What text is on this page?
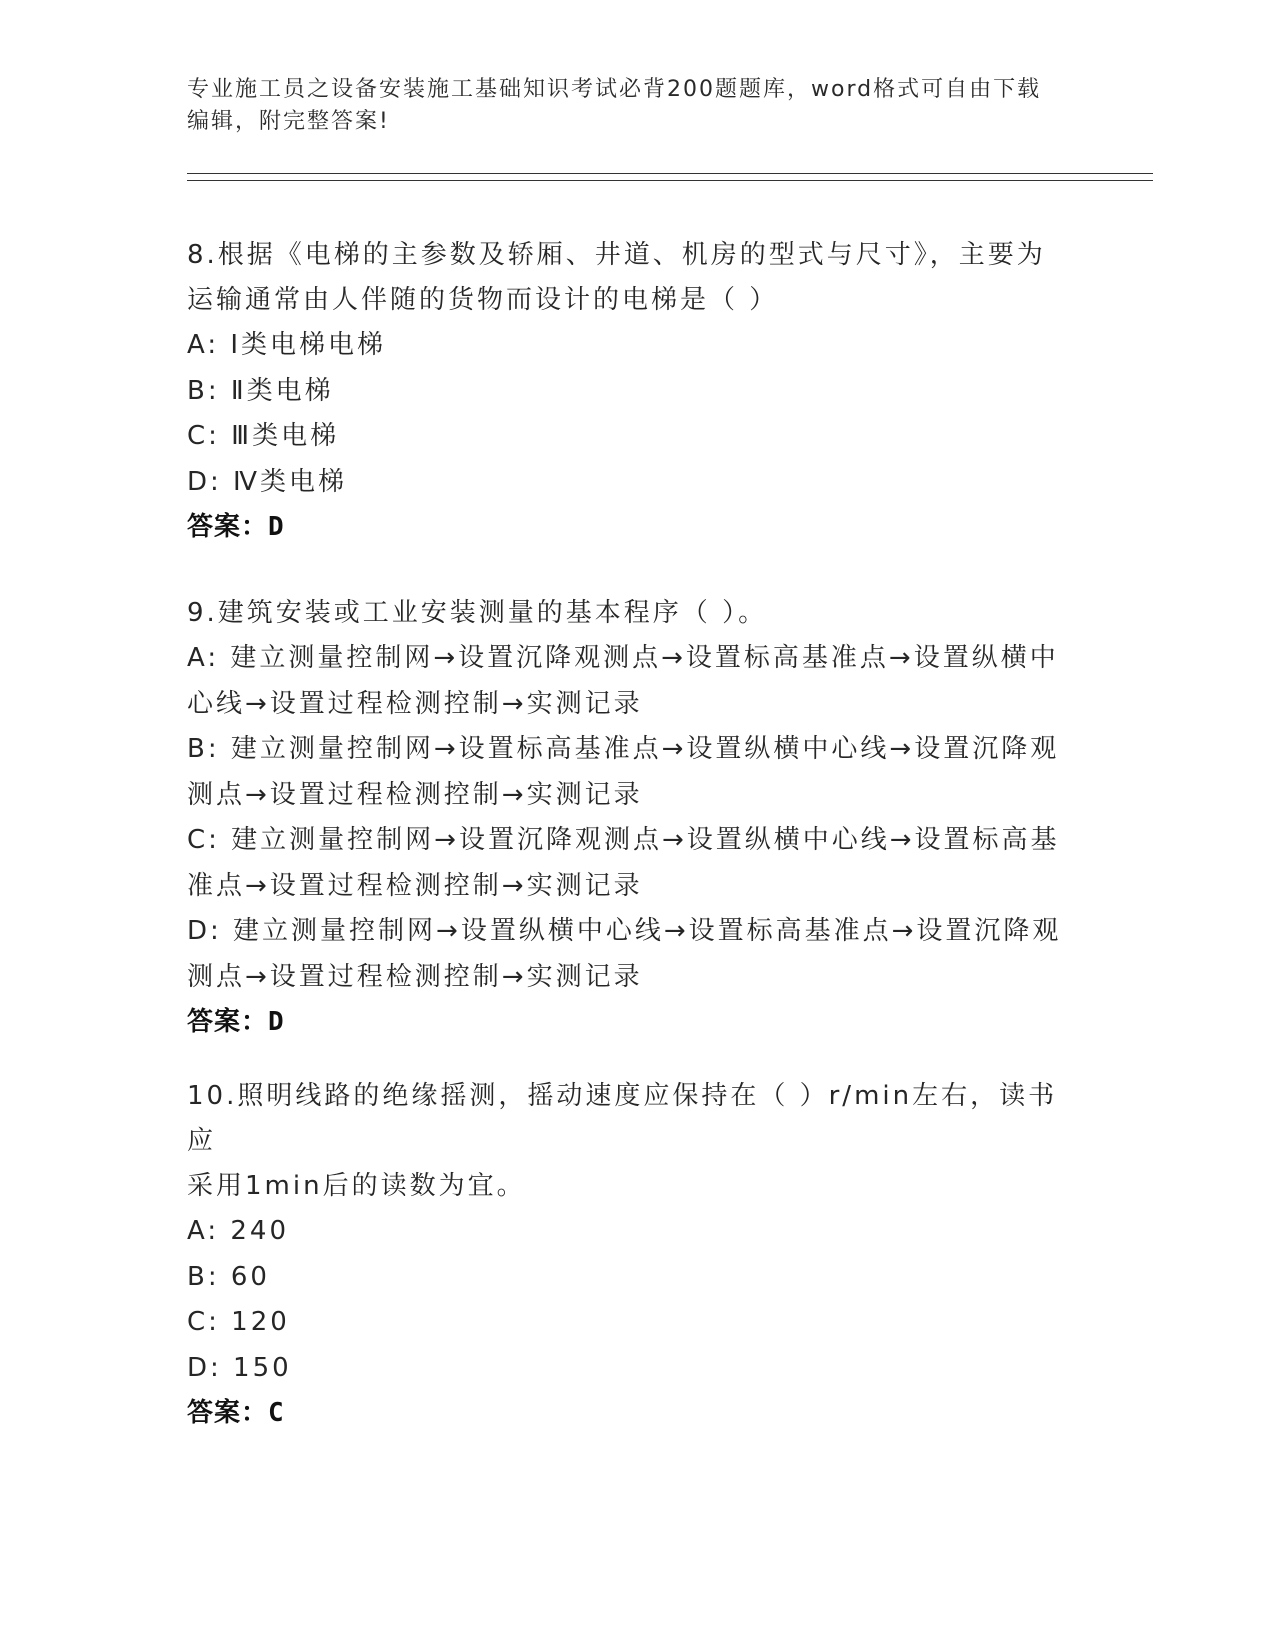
专业施工员之设备安装施工基础知识考试必背200题题库，word格式可自由下载
编辑，附完整答案!

8.根据《电梯的主参数及轿厢、井道、机房的型式与尺寸》，主要为

运输通常由人伴随的货物而设计的电梯是（ ）

A: Ⅰ类电梯电梯

B: Ⅱ类电梯

C: Ⅲ类电梯

D: Ⅳ类电梯

答案：D

9.建筑安装或工业安装测量的基本程序（ ）。

A: 建立测量控制网→设置沉降观测点→设置标高基准点→设置纵横中

心线→设置过程检测控制→实测记录

B: 建立测量控制网→设置标高基准点→设置纵横中心线→设置沉降观

测点→设置过程检测控制→实测记录

C: 建立测量控制网→设置沉降观测点→设置纵横中心线→设置标高基

准点→设置过程检测控制→实测记录

D: 建立测量控制网→设置纵横中心线→设置标高基准点→设置沉降观

测点→设置过程检测控制→实测记录

答案：D

10.照明线路的绝缘摇测，摇动速度应保持在（ ）r/min左右，读书应

采用1min后的读数为宜。

A: 240

B: 60

C: 120

D: 150

答案：C
